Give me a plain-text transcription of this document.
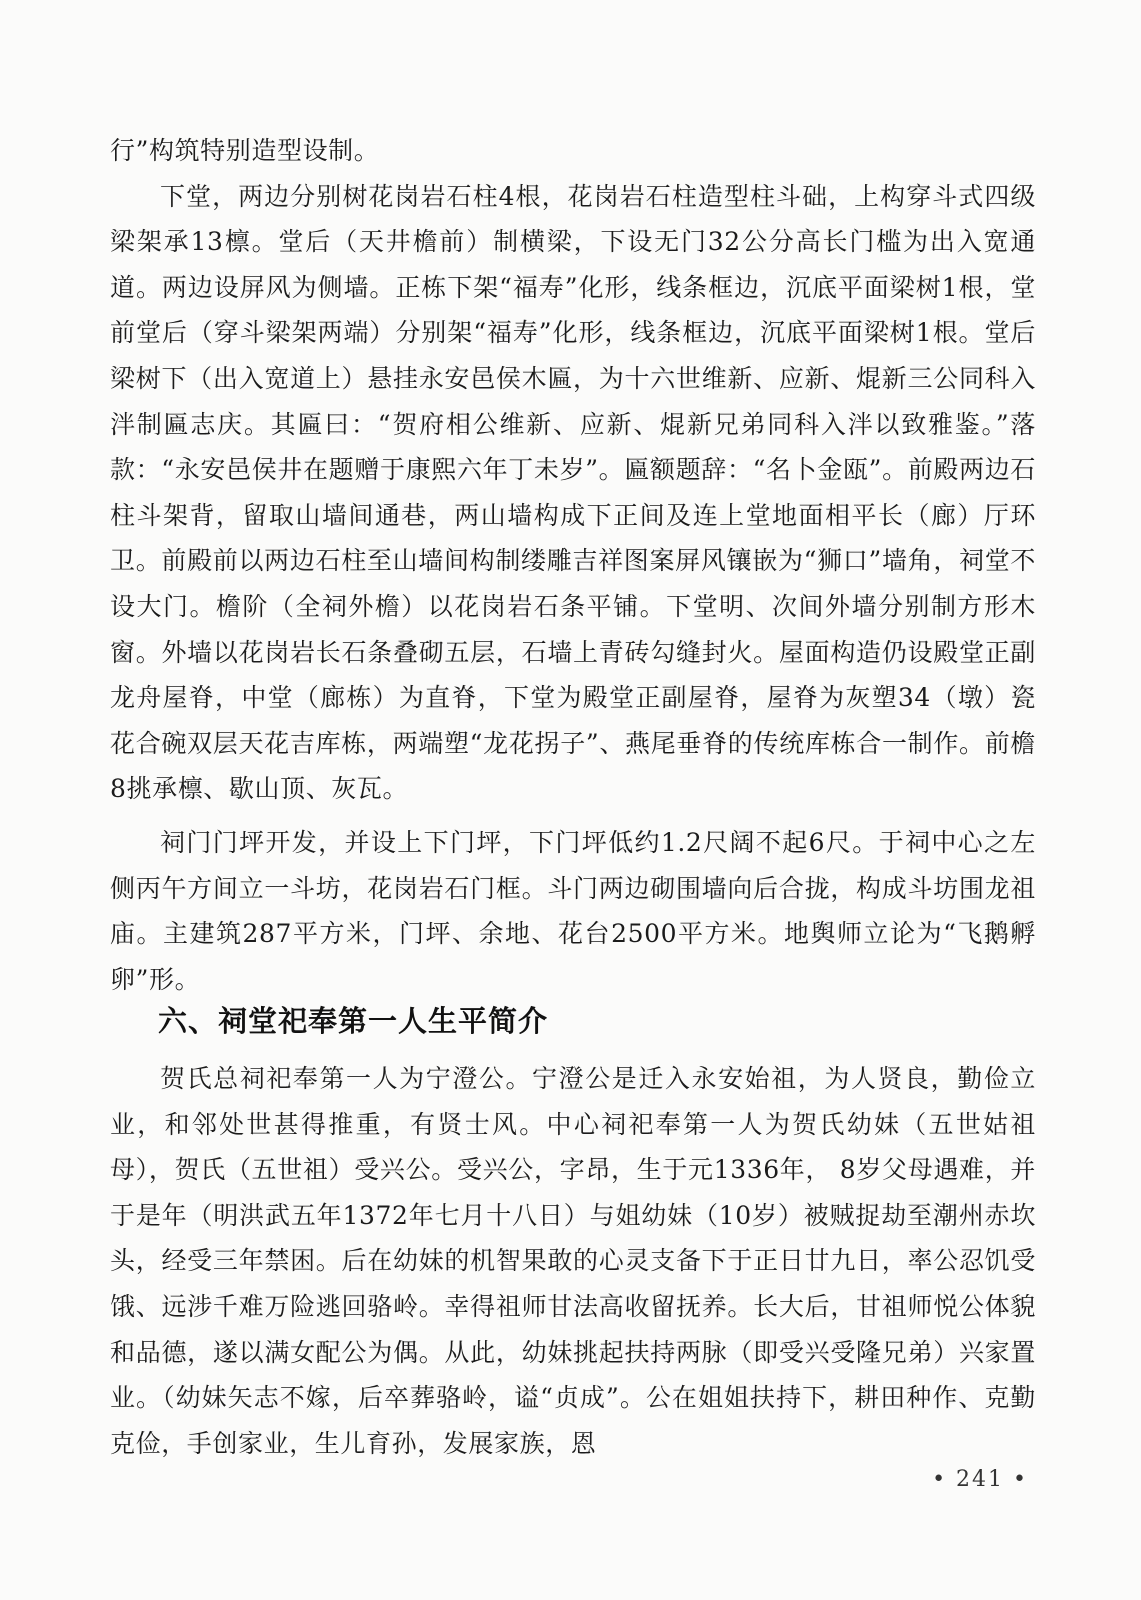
行”构筑特别造型设制。

下堂，两边分别树花岗岩石柱4根，花岗岩石柱造型柱斗础，上构穿斗式四级梁架承13檩。堂后（天井檐前）制横梁，下设无门32公分高长门槛为出入宽通道。两边设屏风为侧墙。正栋下架“福寿”化形，线条框边，沉底平面梁树1根，堂前堂后（穿斗梁架两端）分别架“福寿”化形，线条框边，沉底平面梁树1根。堂后梁树下（出入宽道上）悬挂永安邑侯木匾，为十六世维新、应新、焜新三公同科入泮制匾志庆。其匾曰：“贺府相公维新、应新、焜新兄弟同科入泮以致雅鉴。”落款：“永安邑侯井在题赠于康熙六年丁未岁”。匾额题辞：“名卜金瓯”。前殿两边石柱斗架背，留取山墙间通巷，两山墙构成下正间及连上堂地面相平长（廊）厅环卫。前殿前以两边石柱至山墙间构制缕雕吉祥图案屏风镶嵌为“狮口”墙角，祠堂不设大门。檐阶（全祠外檐）以花岗岩石条平铺。下堂明、次间外墙分别制方形木窗。外墙以花岗岩长石条叠砌五层，石墙上青砖勾缝封火。屋面构造仍设殿堂正副龙舟屋脊，中堂（廊栋）为直脊，下堂为殿堂正副屋脊，屋脊为灰塑34（墩）瓷花合碗双层天花吉库栋，两端塑“龙花拐子”、燕尾垂脊的传统库栋合一制作。前檐8挑承檩、歇山顶、灰瓦。

祠门门坪开发，并设上下门坪，下门坪低约1.2尺阔不起6尺。于祠中心之左侧丙午方间立一斗坊，花岗岩石门框。斗门两边砌围墙向后合拢，构成斗坊围龙祖庙。主建筑287平方米，门坪、余地、花台2500平方米。地舆师立论为“飞鹅孵卵”形。

六、祠堂祀奉第一人生平简介

贺氏总祠祀奉第一人为宁澄公。宁澄公是迁入永安始祖，为人贤良，勤俭立业，和邻处世甚得推重，有贤士风。中心祠祀奉第一人为贺氏幼妹（五世姑祖母），贺氏（五世祖）受兴公。受兴公，字昂，生于元1336年， 8岁父母遇难，并于是年（明洪武五年1372年七月十八日）与姐幼妹（10岁）被贼捉劫至潮州赤坎头，经受三年禁困。后在幼妹的机智果敢的心灵支备下于正日廿九日，率公忍饥受饿、远涉千难万险逃回骆岭。幸得祖师甘法高收留抚养。长大后，甘祖师悦公体貌和品德，遂以满女配公为偶。从此，幼妹挑起扶持两脉（即受兴受隆兄弟）兴家置业。（幼妹矢志不嫁，后卒葬骆岭，谥“贞成”。公在姐姐扶持下，耕田种作、克勤克俭，手创家业，生儿育孙，发展家族，恩

• 241 •
